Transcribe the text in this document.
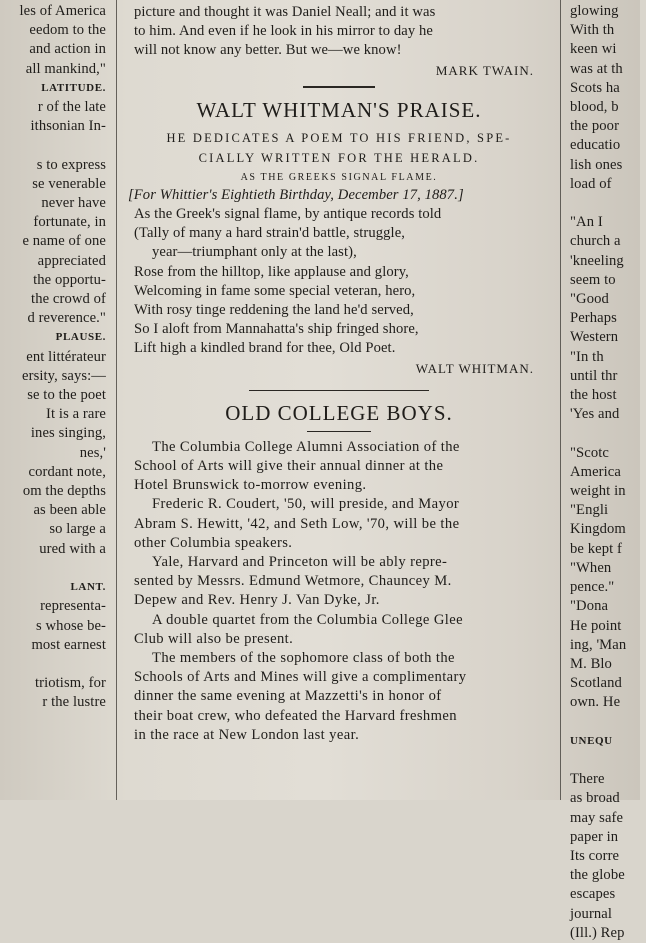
les of America
eedom to the
and action in
all mankind,"
LATITUDE.
r of the late
ithsonian In-

s to express
se venerable
never have
fortunate, in
e name of one
appreciated
the opportu-
the crowd of
d reverence."
PLAUSE.
ent littérateur
ersity, says:—
se to the poet
It is a rare
ines singing,
nes,'
cordant note,
om the depths
as been able
so large a
ured with a

LANT.
representa-
s whose be-
most earnest

triotism, for
r the lustre
picture and thought it was Daniel Neall; and it was
to him. And even if he look in his mirror to day he
will not know any better. But we—we know!
MARK TWAIN.
WALT WHITMAN'S PRAISE.
HE DEDICATES A POEM TO HIS FRIEND, SPE-
CIALLY WRITTEN FOR THE HERALD.
AS THE GREEKS SIGNAL FLAME.
[For Whittier's Eightieth Birthday, December 17, 1887.]
As the Greek's signal flame, by antique records told
(Tally of many a hard strain'd battle, struggle,
year—triumphant only at the last),
Rose from the hilltop, like applause and glory,
Welcoming in fame some special veteran, hero,
With rosy tinge reddening the land he'd served,
So I aloft from Mannahatta's ship fringed shore,
Lift high a kindled brand for thee, Old Poet.
WALT WHITMAN.
OLD COLLEGE BOYS.
The Columbia College Alumni Association of the
School of Arts will give their annual dinner at the
Hotel Brunswick to-morrow evening.
Frederic R. Coudert, '50, will preside, and Mayor
Abram S. Hewitt, '42, and Seth Low, '70, will be the
other Columbia speakers.
Yale, Harvard and Princeton will be ably repre-
sented by Messrs. Edmund Wetmore, Chauncey M.
Depew and Rev. Henry J. Van Dyke, Jr.
A double quartet from the Columbia College Glee
Club will also be present.
The members of the sophomore class of both the
Schools of Arts and Mines will give a complimentary
dinner the same evening at Mazzetti's in honor of
their boat crew, who defeated the Harvard freshmen
in the race at New London last year.
glowing
With th
keen wi
was at th
Scots ha
blood, b
the poor
educatio
lish ones
load of

"An I
church a
'kneeling
seem to
"Good
Perhaps
Western
"In th
until thr
the host
'Yes and

"Scotc
America
weight in
"Engli
Kingdom
be kept f
"When
pence."
"Dona
He point
ing, 'Man
M. Blo
Scotland
own. He

UNEQU

There
as broad
may safe
paper in
Its corre
the globe
escapes
journal
(Ill.) Rep
